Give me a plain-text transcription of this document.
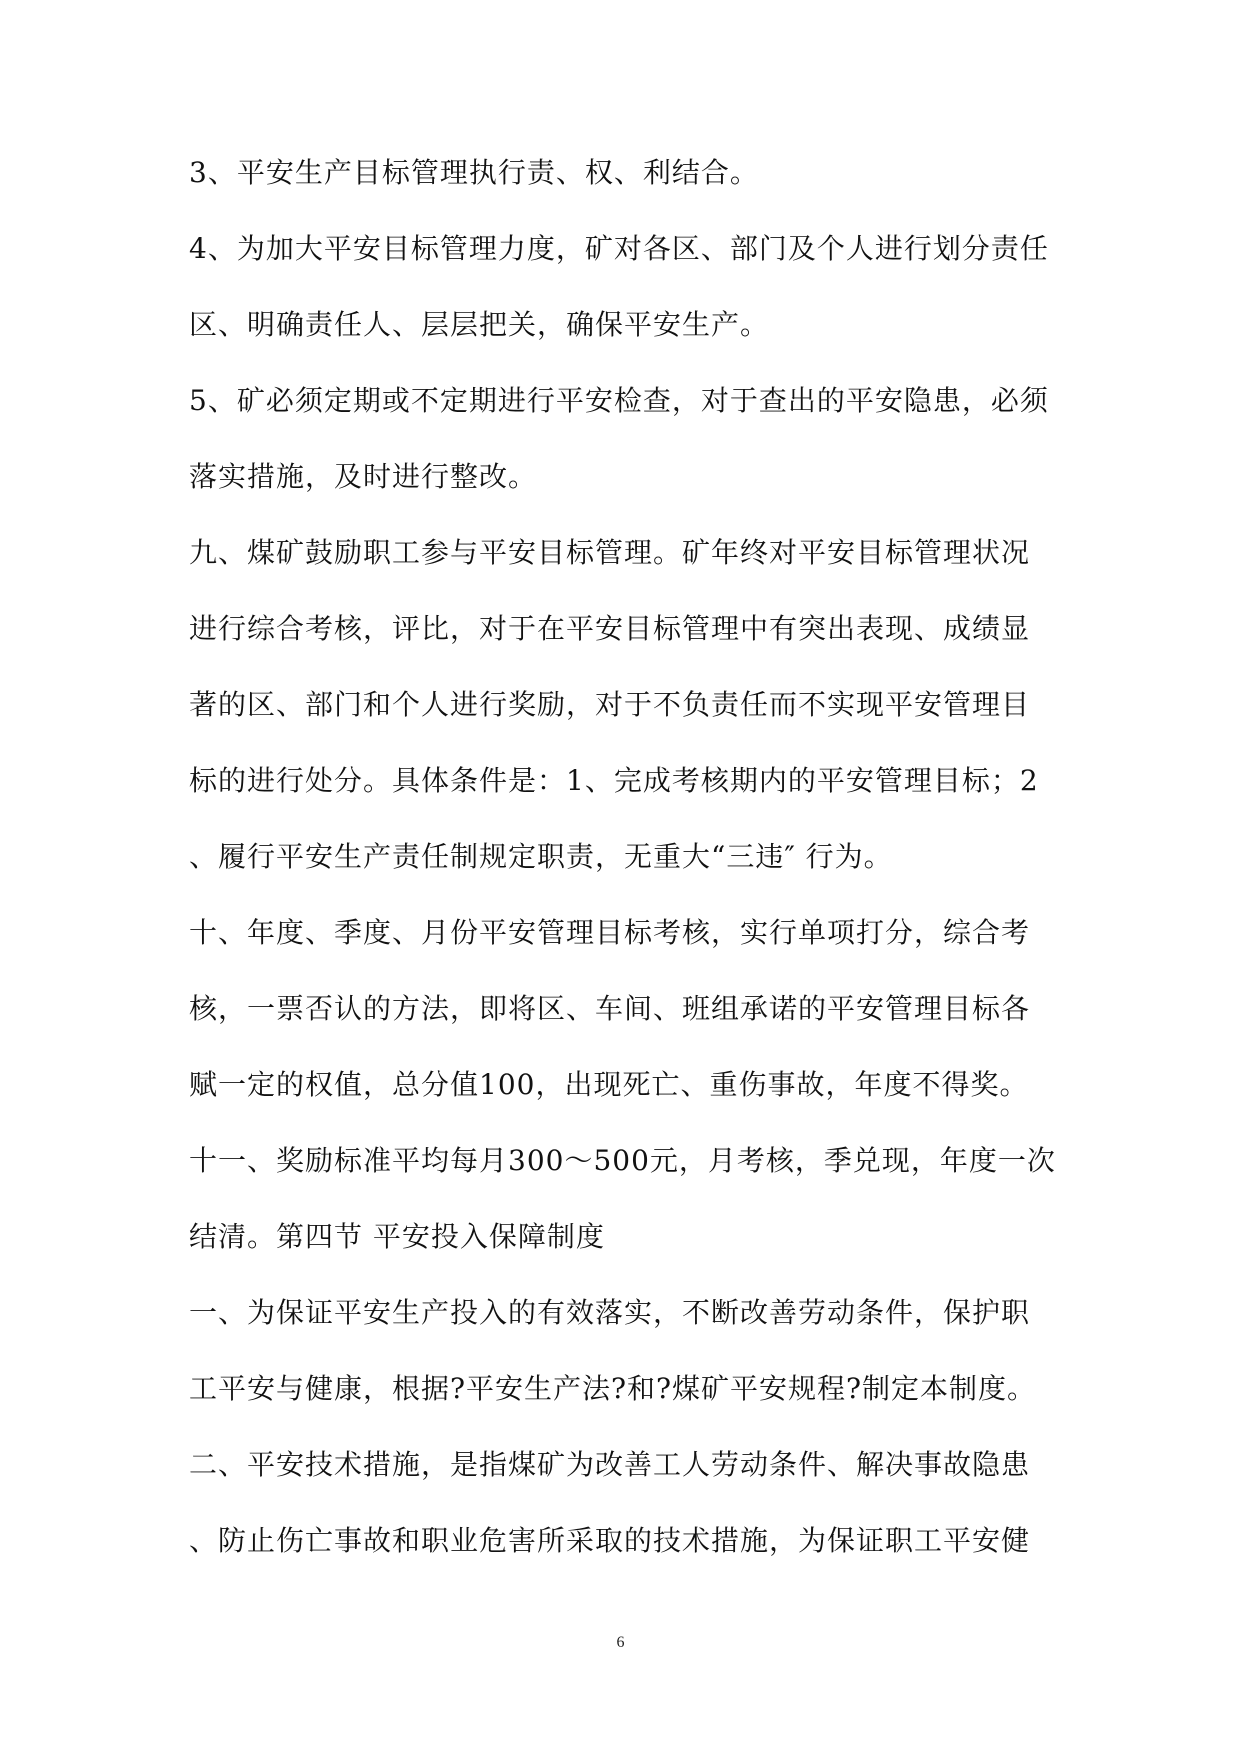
3、平安生产目标管理执行责、权、利结合。
4、为加大平安目标管理力度，矿对各区、部门及个人进行划分责任
区、明确责任人、层层把关，确保平安生产。
5、矿必须定期或不定期进行平安检查，对于查出的平安隐患，必须
落实措施，及时进行整改。
九、煤矿鼓励职工参与平安目标管理。矿年终对平安目标管理状况
进行综合考核，评比，对于在平安目标管理中有突出表现、成绩显
著的区、部门和个人进行奖励，对于不负责任而不实现平安管理目
标的进行处分。具体条件是：1、完成考核期内的平安管理目标；2
、履行平安生产责任制规定职责，无重大“三违″ 行为。
十、年度、季度、月份平安管理目标考核，实行单项打分，综合考
核，一票否认的方法，即将区、车间、班组承诺的平安管理目标各
赋一定的权值，总分值100，出现死亡、重伤事故，年度不得奖。
十一、奖励标准平均每月300～500元，月考核，季兑现，年度一次
结清。第四节 平安投入保障制度
一、为保证平安生产投入的有效落实，不断改善劳动条件，保护职
工平安与健康，根据?平安生产法?和?煤矿平安规程?制定本制度。
二、平安技术措施，是指煤矿为改善工人劳动条件、解决事故隐患
、防止伤亡事故和职业危害所采取的技术措施，为保证职工平安健
6
